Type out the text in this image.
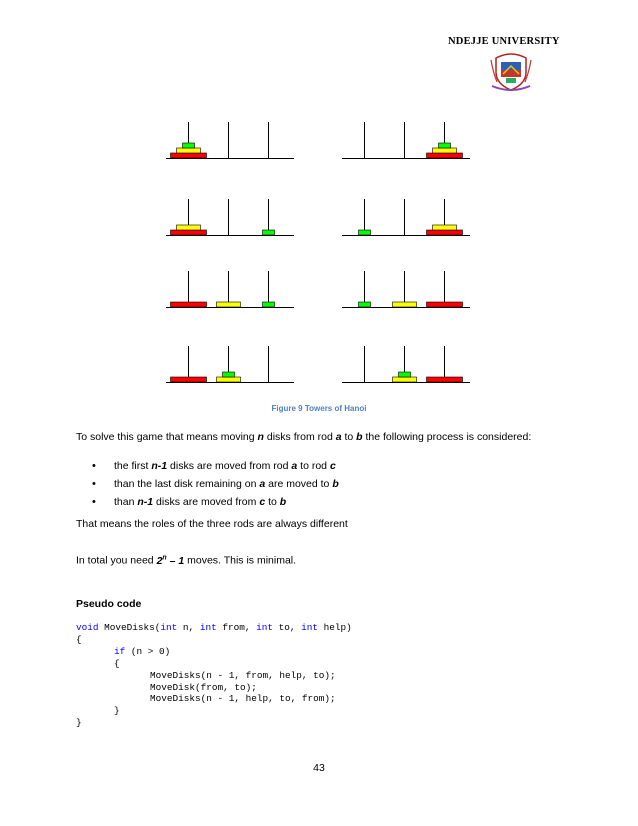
NDEJJE UNIVERSITY
Figure 9 Towers of Hanoi
To solve this game that means moving n disks from rod a to b the following process is considered:
• the first n-1 disks are moved from rod a to rod c
• than the last disk remaining on a are moved to b
• than n-1 disks are moved from c to b
That means the roles of the three rods are always different
In total you need 2$^n$ – 1 moves. This is minimal.
Pseudo code
void MoveDisks(int n, int from, int to, int help)
{
if (n > 0)
{
MoveDisks(n - 1, from, help, to);
MoveDisk(from, to);
MoveDisks(n - 1, help, to, from);
}
}
43
